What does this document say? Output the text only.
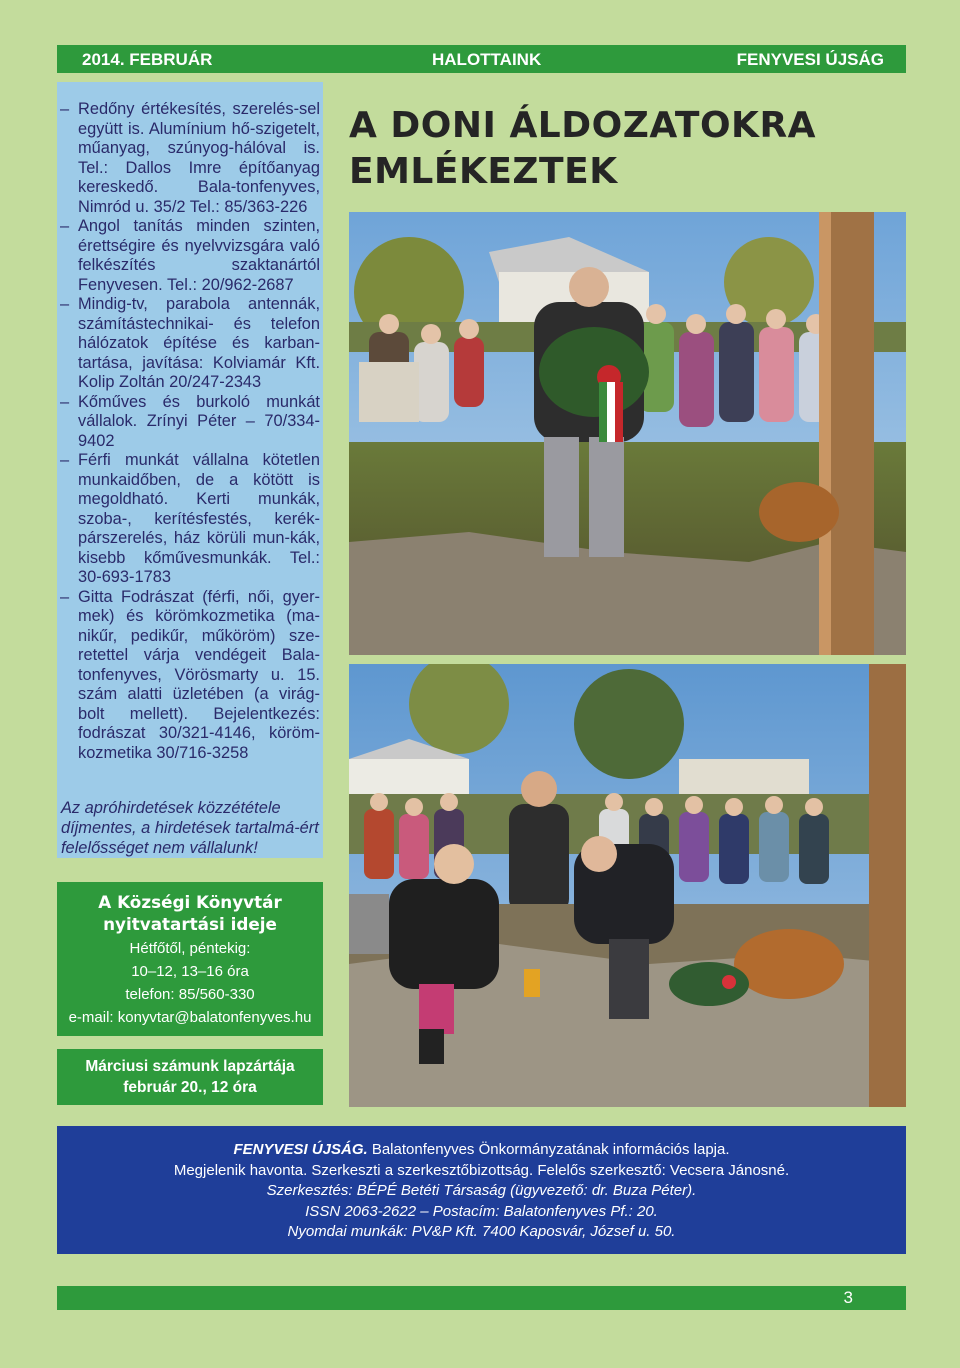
2014. FEBRUÁR	HALOTTAINK	FENYVESI ÚJSÁG
– Redőny értékesítés, szerelés-sel együtt is. Alumínium hő-szigetelt, műanyag, szúnyog-hálóval is. Tel.: Dallos Imre építőanyag kereskedő. Bala-tonfenyves, Nimród u. 35/2 Tel.: 85/363-226
– Angol tanítás minden szinten, érettségire és nyelvvizsgára való felkészítés szaktanártól Fenyvesen. Tel.: 20/962-2687
– Mindig-tv, parabola antennák, számítástechnikai- és telefon hálózatok építése és karban-tartása, javítása: Kolviamár Kft. Kolip Zoltán 20/247-2343
– Kőműves és burkoló munkát vállalok. Zrínyi Péter – 70/334-9402
– Férfi munkát vállalna kötetlen munkaidőben, de a kötött is megoldható. Kerti munkák, szoba-, kerítésfestés, kerék-párszerelés, ház körüli mun-kák, kisebb kőművesmunkák. Tel.: 30-693-1783
– Gitta Fodrászat (férfi, női, gyer-mek) és körömkozmetika (ma-nikűr, pedikűr, műköröm) sze-retettel várja vendégeit Bala-tonfenyves, Vörösmarty u. 15. szám alatti üzletében (a virág-bolt mellett). Bejelentkezés: fodrászat 30/321-4146, köröm-kozmetika 30/716-3258
Az apróhirdetések közzététele díjmentes, a hirdetések tartalmá-ért felelősséget nem vállalunk!
A DONI ÁLDOZATOKRA
EMLÉKEZTEK
A Községi Könyvtár
nyitvatartási ideje
Hétfőtől, péntekig:
10–12, 13–16 óra
telefon: 85/560-330
e-mail: konyvtar@balatonfenyves.hu
Márciusi számunk lapzártája
február 20., 12 óra
FENYVESI ÚJSÁG. Balatonfenyves Önkormányzatának információs lapja.
Megjelenik havonta. Szerkeszti a szerkesztőbizottság. Felelős szerkesztő: Vecsera Jánosné.
Szerkesztés: BÉPÉ Betéti Társaság (ügyvezető: dr. Buza Péter).
ISSN 2063-2622 – Postacím: Balatonfenyves Pf.: 20.
Nyomdai munkák: PV&P Kft. 7400 Kaposvár, József u. 50.
3
